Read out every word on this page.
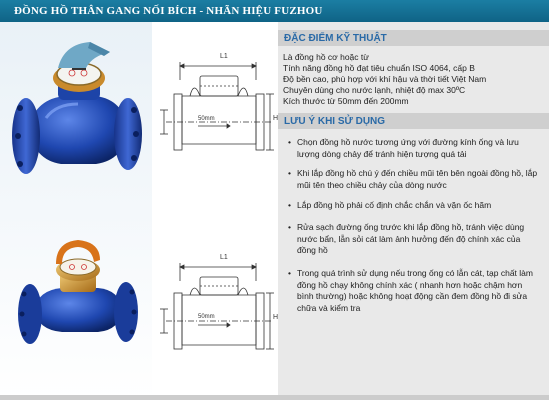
ĐỒNG HỒ THÂN GANG NỐI BÍCH - NHÃN HIỆU FUZHOU
L1
H
50mm
L1
H
50mm
ĐẶC ĐIỂM KỸ THUẬT
Là đồng hồ cơ hoặc từ
Tính năng đồng hồ đạt tiêu chuẩn ISO 4064, cấp B
Độ bền cao, phù hợp với khí hậu và thời tiết Việt Nam
Chuyên dùng cho nước lạnh, nhiệt độ max 30ºC
Kích thước từ 50mm đến 200mm
LƯU Ý KHI SỬ DỤNG
• Chọn đồng hồ nước tương ứng với đường kính ống và lưu lượng dòng chảy để tránh hiện tượng quá tải
• Khi lắp đồng hồ chú ý đến chiều mũi tên bên ngoài đồng hồ, lắp mũi tên theo chiều chảy của dòng nước
• Lắp đồng hồ phải cố định chắc chắn và vặn ốc hãm
• Rửa sạch đường ống trước khi lắp đồng hồ, tránh việc dùng nước bẩn, lẫn sỏi cát làm ảnh hưởng đến độ chính xác của đồng hồ
• Trong quá trình sử dụng nếu trong ống có lẫn cát, tạp chất làm đồng hồ chạy không chính xác ( nhanh hơn hoặc chậm hơn bình thường) hoặc không hoạt động cần đem đồng hồ đi sửa chữa và kiểm tra
